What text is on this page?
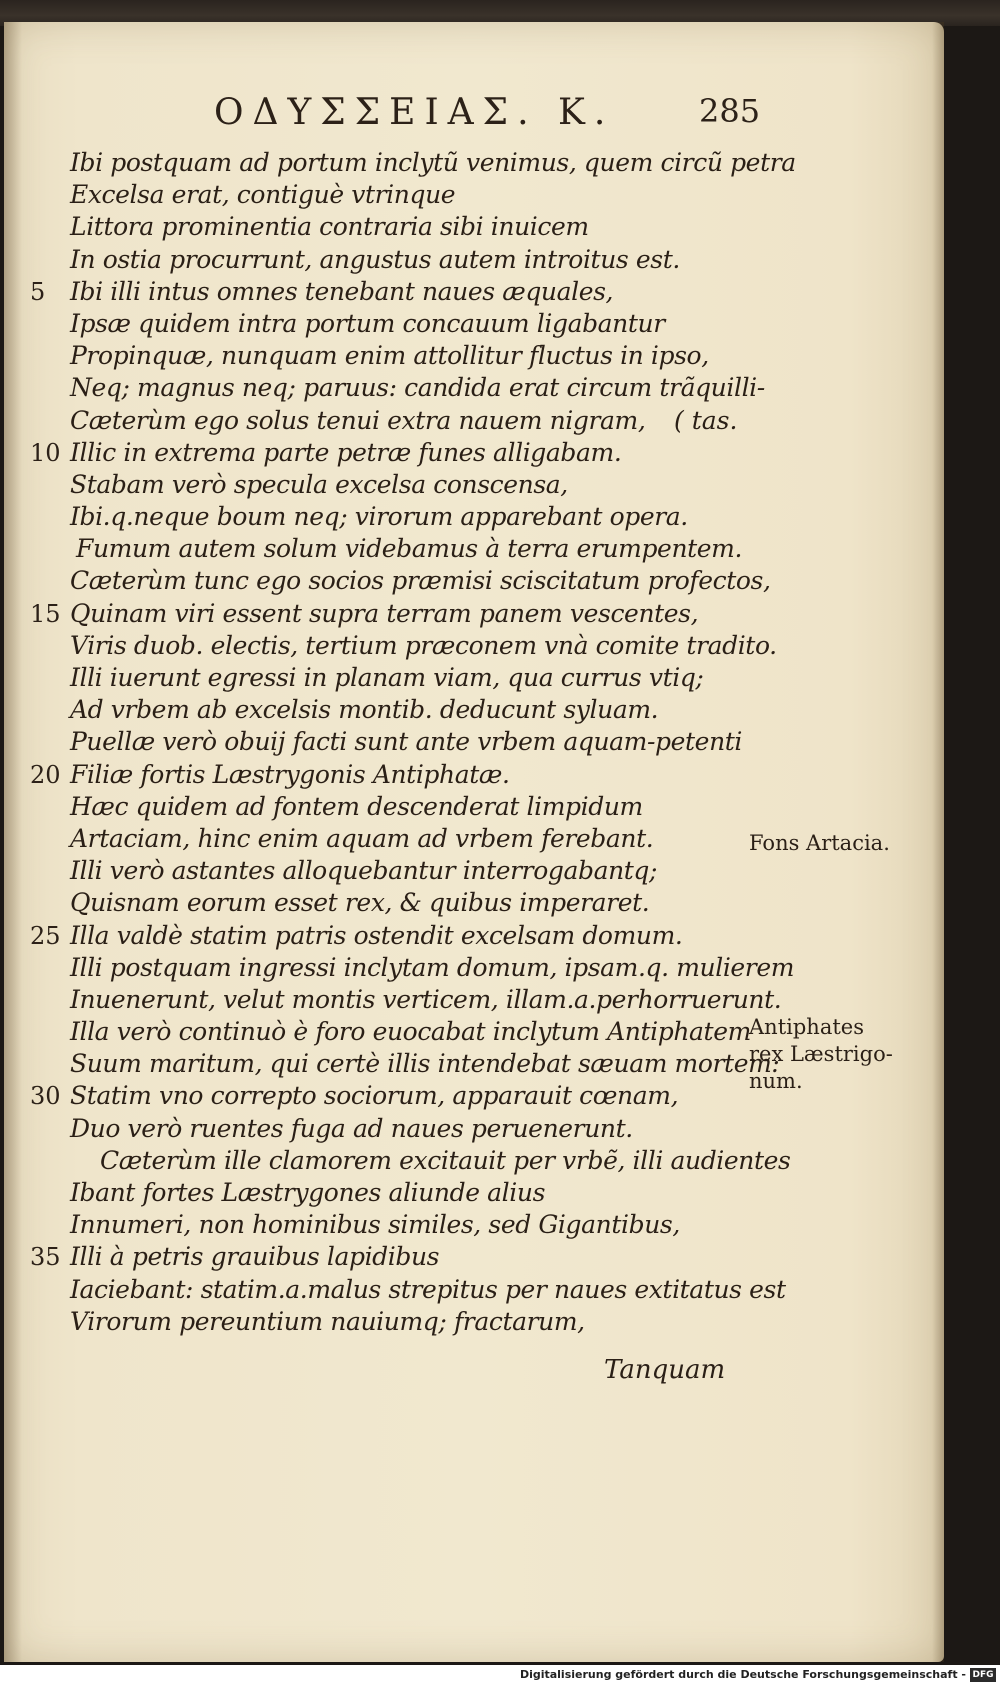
ΟΔΥΣΣΕΙΑΣ. Κ.	285
Ibi postquam ad portum inclytũ venimus, quem circũ petra
Excelsa erat, contiguè vtrinque
Littora prominentia contraria sibi inuicem
In ostia procurrunt, angustus autem introitus est.
5 Ibi illi intus omnes tenebant naues æquales,
Ipsæ quidem intra portum concauum ligabantur
Propinquæ, nunquam enim attollitur fluctus in ipso,
Neq; magnus neq; paruus: candida erat circum trãquilli-
Cæterùm ego solus tenui extra nauem nigram, ( tas.
10 Illic in extrema parte petræ funes alligabam.
Stabam verò specula excelsa conscensa,
Ibi.q.neque boum neq; virorum apparebant opera.
Fumum autem solum videbamus à terra erumpentem.
Cæterùm tunc ego socios præmisi sciscitatum profectos,
15 Quinam viri essent supra terram panem vescentes,
Viris duob. electis, tertium præconem vnà comite tradito.
Illi iuerunt egressi in planam viam, qua currus vtiq;
Ad vrbem ab excelsis montib. deducunt syluam.
Puellæ verò obuij facti sunt ante vrbem aquam-petenti
20 Filiæ fortis Læstrygonis Antiphatæ.
Hæc quidem ad fontem descenderat limpidum
Artaciam, hinc enim aquam ad vrbem ferebant.
Illi verò astantes alloquebantur interrogabantq;
Quisnam eorum esset rex, & quibus imperaret.
25 Illa valdè statim patris ostendit excelsam domum.
Illi postquam ingressi inclytam domum, ipsam.q. mulierem
Inuenerunt, velut montis verticem, illam.a.perhorruerunt.
Illa verò continuò è foro euocabat inclytum Antiphatem
Suum maritum, qui certè illis intendebat sæuam mortem:
30 Statim vno correpto sociorum, apparauit cœnam,
Duo verò ruentes fuga ad naues peruenerunt.
Cæterùm ille clamorem excitauit per vrbẽ, illi audientes
Ibant fortes Læstrygones aliunde alius
Innumeri, non hominibus similes, sed Gigantibus,
35 Illi à petris grauibus lapidibus
Iaciebant: statim.a.malus strepitus per naues extitatus est
Virorum pereuntium nauiumq; fractarum,
Fons Artacia.
Antiphates
rex Læstrigo-
num.
Tanquam
Digitalisierung gefördert durch die Deutsche Forschungsgemeinschaft - DFG
